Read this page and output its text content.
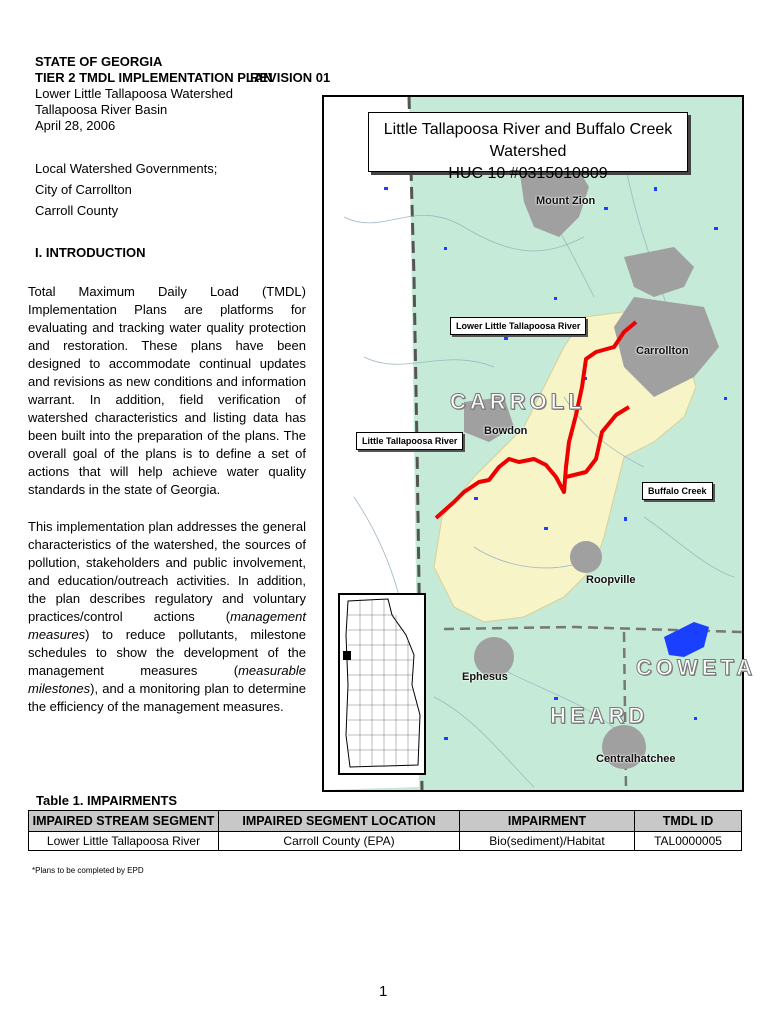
STATE OF GEORGIA
TIER 2 TMDL IMPLEMENTATION PLAN
REVISION 01
Lower Little Tallapoosa Watershed
Tallapoosa River Basin
April 28, 2006
Local Watershed Governments;
City of Carrollton
Carroll County
I. INTRODUCTION
Total Maximum Daily Load (TMDL) Implementation Plans are platforms for evaluating and tracking water quality protection and restoration. These plans have been designed to accommodate continual updates and revisions as new conditions and information warrant. In addition, field verification of watershed characteristics and listing data has been built into the preparation of the plans. The overall goal of the plans is to define a set of actions that will help achieve water quality standards in the state of Georgia.
This implementation plan addresses the general characteristics of the watershed, the sources of pollution, stakeholders and public involvement, and education/outreach activities. In addition, the plan describes regulatory and voluntary practices/control actions (management measures) to reduce pollutants, milestone schedules to show the development of the management measures (measurable milestones), and a monitoring plan to determine the efficiency of the management measures.
Little Tallapoosa River and Buffalo Creek Watershed
HUC 10 #0315010809
Mount Zion
Carrollton
Bowdon
Roopville
Ephesus
Centralhatchee
CARROLL
COWETA
HEARD
Lower Little Tallapoosa River
Little Tallapoosa River
Buffalo Creek
Table 1. IMPAIRMENTS
IMPAIRED STREAM SEGMENT	IMPAIRED SEGMENT LOCATION	IMPAIRMENT	TMDL ID
Lower Little Tallapoosa River	Carroll County (EPA)	Bio(sediment)/Habitat	TAL0000005
*Plans to be completed by EPD
1
